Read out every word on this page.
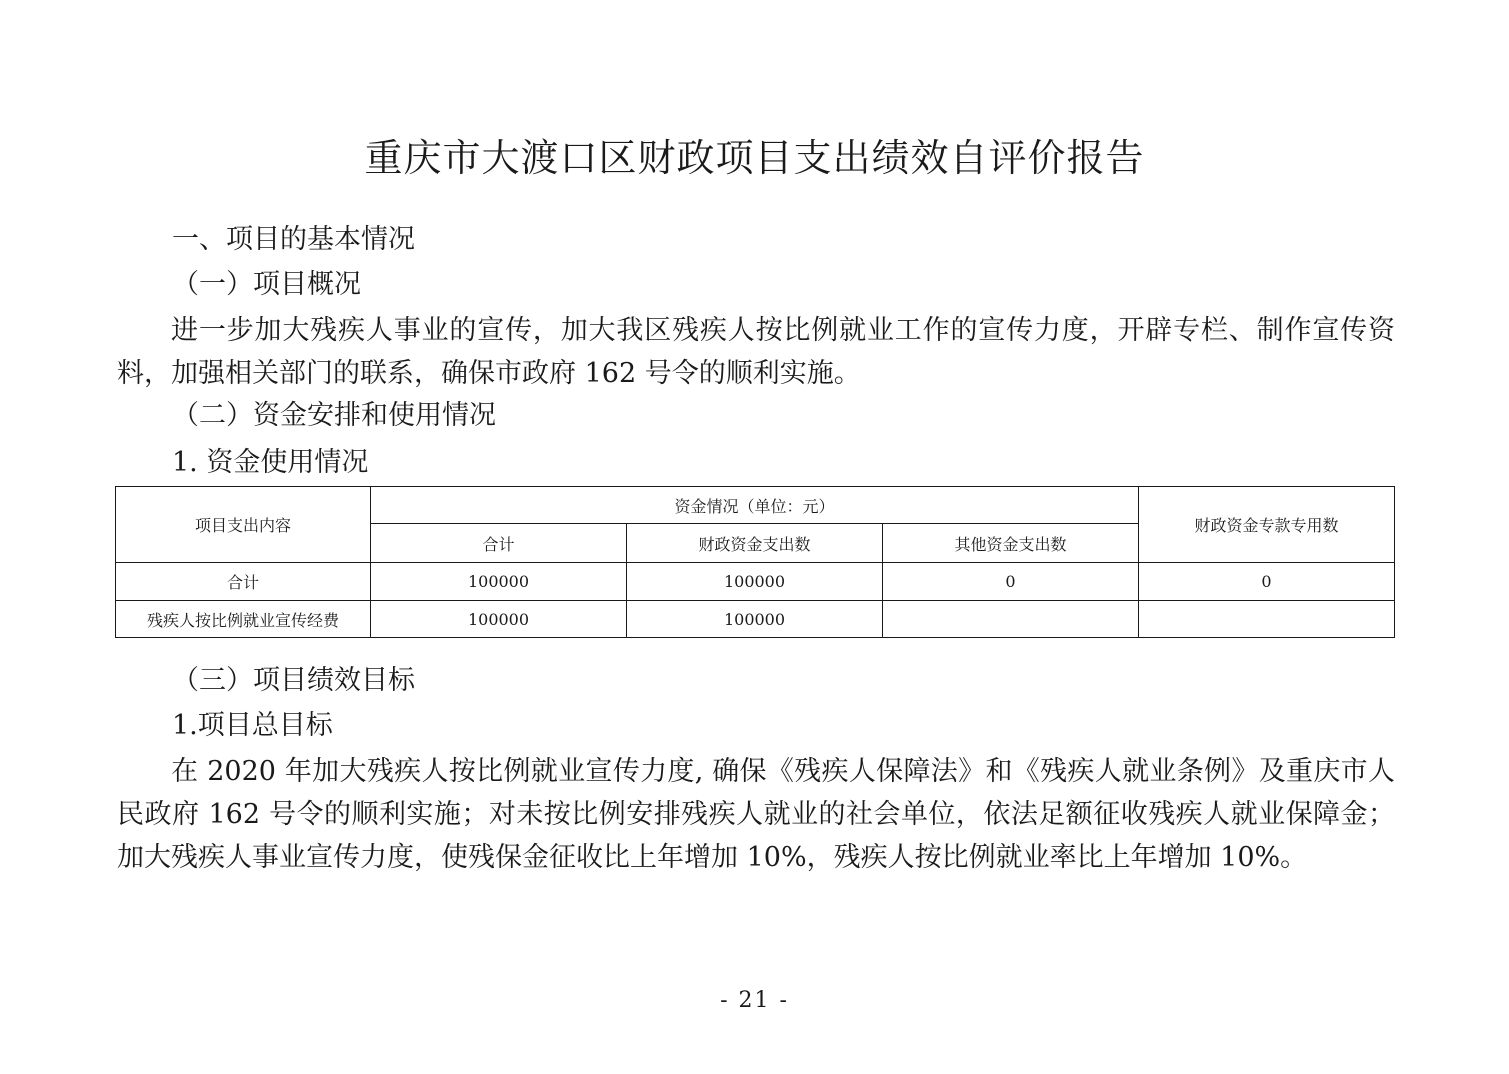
重庆市大渡口区财政项目支出绩效自评价报告
一、项目的基本情况
（一）项目概况
进一步加大残疾人事业的宣传，加大我区残疾人按比例就业工作的宣传力度，开辟专栏、制作宣传资料，加强相关部门的联系，确保市政府 162 号令的顺利实施。
（二）资金安排和使用情况
1. 资金使用情况
项目支出内容	资金情况（单位：元）			财政资金专款专用数
	合计	财政资金支出数	其他资金支出数	
合计	100000	100000	0	0
残疾人按比例就业宣传经费	100000	100000		
（三）项目绩效目标
1.项目总目标
在 2020 年加大残疾人按比例就业宣传力度, 确保《残疾人保障法》和《残疾人就业条例》及重庆市人民政府 162 号令的顺利实施；对未按比例安排残疾人就业的社会单位，依法足额征收残疾人就业保障金；加大残疾人事业宣传力度，使残保金征收比上年增加 10%，残疾人按比例就业率比上年增加 10%。
- 21 -
